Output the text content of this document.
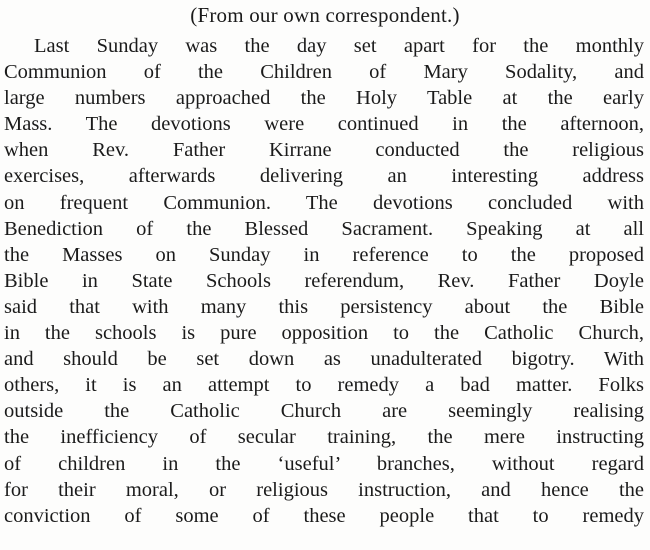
(From our own correspondent.)
Last Sunday was the day set apart for the monthly
Communion of the Children of Mary Sodality, and
large numbers approached the Holy Table at the early
Mass. The devotions were continued in the afternoon,
when Rev. Father Kirrane conducted the religious
exercises, afterwards delivering an interesting address
on frequent Communion. The devotions concluded with
Benediction of the Blessed Sacrament. Speaking at all
the Masses on Sunday in reference to the proposed
Bible in State Schools referendum, Rev. Father Doyle
said that with many this persistency about the Bible
in the schools is pure opposition to the Catholic Church,
and should be set down as unadulterated bigotry. With
others, it is an attempt to remedy a bad matter. Folks
outside the Catholic Church are seemingly realising
the inefficiency of secular training, the mere instructing
of children in the ‘useful’ branches, without regard
for their moral, or religious instruction, and hence the
conviction of some of these people that to remedy
